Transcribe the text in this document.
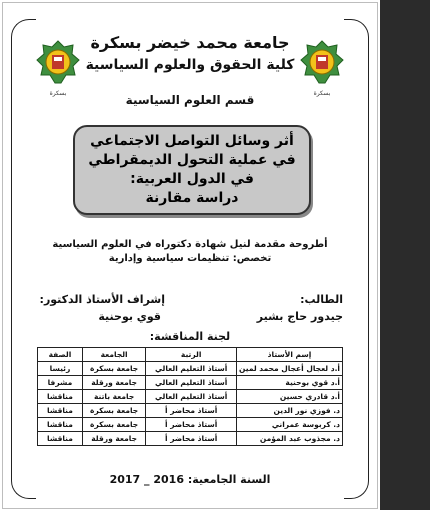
بسكرة	بسكرة
جامعة محمد خيضر بسكرة
كلية الحقوق والعلوم السياسية
قسم العلوم السياسية
أثر وسائل التواصل الاجتماعي
في عملية التحول الديمقراطي
في الدول العربية:
دراسة مقارنة
أطروحة مقدمة لنيل شهادة دكتوراه في العلوم السياسية
تخصص: تنظيمات سياسية وإدارية
الطالب:
إشراف الأستاذ الدكتور:
جيدور حاج بشير
قوي بوحنية
لجنة المناقشة:
إسم الأستاذ	الرتبة	الجامعة	الصفة
أ.د لعجال أعجال محمد لمين	أستاذ التعليم العالي	جامعة بسكرة	رئيسا
أ.د قوي بوحنية	أستاذ التعليم العالي	جامعة ورقلة	مشرفا
أ.د قادري حسين	أستاذ التعليم العالي	جامعة باتنة	مناقشا
د. فوزي نور الدين	أستاذ محاضر أ	جامعة بسكرة	مناقشا
د. كربوسة عمراني	أستاذ محاضر أ	جامعة بسكرة	مناقشا
د. مجذوب عبد المؤمن	أستاذ محاضر أ	جامعة ورقلة	مناقشا
السنة الجامعية: 2016 _ 2017
